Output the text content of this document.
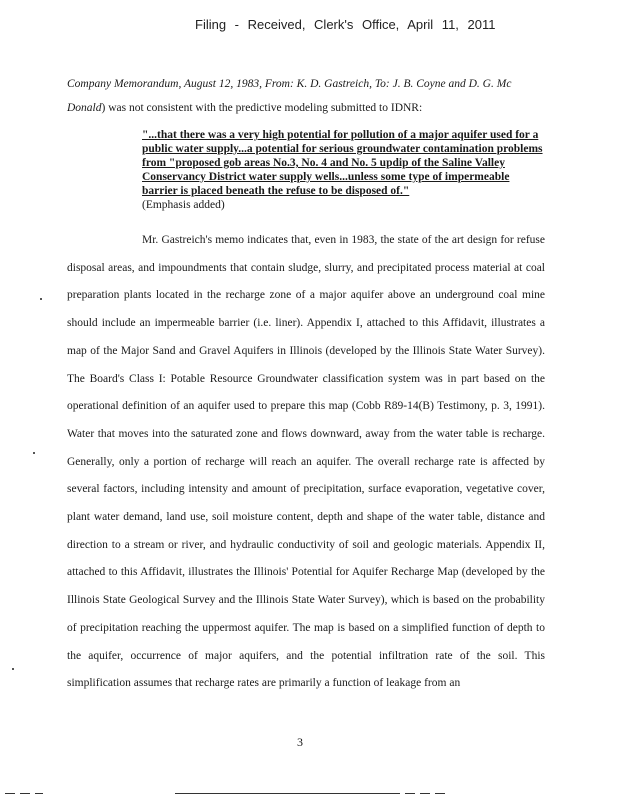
Filing - Received, Clerk's Office, April 11, 2011
Company Memorandum, August 12, 1983, From: K. D. Gastreich, To: J. B. Coyne and D. G. Mc Donald) was not consistent with the predictive modeling submitted to IDNR:
"...that there was a very high potential for pollution of a major aquifer used for a public water supply...a potential for serious groundwater contamination problems from "proposed gob areas No.3, No. 4 and No. 5 updip of the Saline Valley Conservancy District water supply wells...unless some type of impermeable barrier is placed beneath the refuse to be disposed of."
(Emphasis added)
Mr. Gastreich's memo indicates that, even in 1983, the state of the art design for refuse disposal areas, and impoundments that contain sludge, slurry, and precipitated process material at coal preparation plants located in the recharge zone of a major aquifer above an underground coal mine should include an impermeable barrier (i.e. liner). Appendix I, attached to this Affidavit, illustrates a map of the Major Sand and Gravel Aquifers in Illinois (developed by the Illinois State Water Survey). The Board's Class I: Potable Resource Groundwater classification system was in part based on the operational definition of an aquifer used to prepare this map (Cobb R89-14(B) Testimony, p. 3, 1991). Water that moves into the saturated zone and flows downward, away from the water table is recharge. Generally, only a portion of recharge will reach an aquifer. The overall recharge rate is affected by several factors, including intensity and amount of precipitation, surface evaporation, vegetative cover, plant water demand, land use, soil moisture content, depth and shape of the water table, distance and direction to a stream or river, and hydraulic conductivity of soil and geologic materials. Appendix II, attached to this Affidavit, illustrates the Illinois' Potential for Aquifer Recharge Map (developed by the Illinois State Geological Survey and the Illinois State Water Survey), which is based on the probability of precipitation reaching the uppermost aquifer. The map is based on a simplified function of depth to the aquifer, occurrence of major aquifers, and the potential infiltration rate of the soil. This simplification assumes that recharge rates are primarily a function of leakage from an
3
